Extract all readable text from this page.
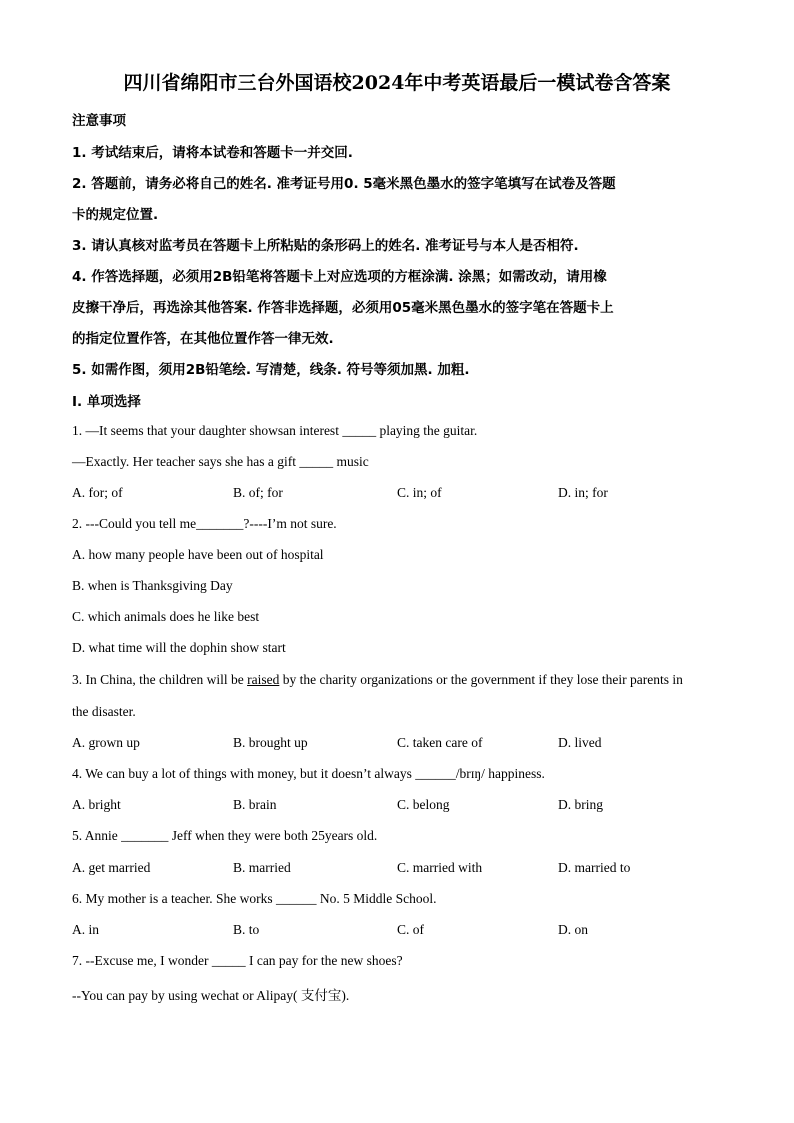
四川省绵阳市三台外国语校2024年中考英语最后一模试卷含答案
注意事项
1. 考试结束后，请将本试卷和答题卡一并交回.
2. 答题前，请务必将自己的姓名. 准考证号用0. 5毫米黑色墨水的签字笔填写在试卷及答题
卡的规定位置.
3. 请认真核对监考员在答题卡上所粘贴的条形码上的姓名. 准考证号与本人是否相符.
4. 作答选择题，必须用2B铅笔将答题卡上对应选项的方框涂满. 涂黑；如需改动，请用橡
皮擦干净后，再选涂其他答案. 作答非选择题，必须用05毫米黑色墨水的签字笔在答题卡上
的指定位置作答，在其他位置作答一律无效.
5. 如需作图，须用2B铅笔绘. 写清楚，线条. 符号等须加黑. 加粗.
Ⅰ. 单项选择
1. —It seems that your daughter showsan interest _____ playing the guitar.
—Exactly. Her teacher says she has a gift _____ music
A. for; of	B. of; for	C. in; of	D. in; for
2. ---Could you tell me_______?----I’m not sure.
A. how many people have been out of hospital
B. when is Thanksgiving Day
C. which animals does he like best
D. what time will the dophin show start
3. In China, the children will be raised by the charity organizations or the government if they lose their parents in
the disaster.
A. grown up	B. brought up	C. taken care of	D. lived
4. We can buy a lot of things with money, but it doesn’t always ______/brɪŋ/ happiness.
A. bright	B. brain	C. belong	D. bring
5. Annie _______ Jeff when they were both 25years old.
A. get married	B. married	C. married with	D. married to
6. My mother is a teacher. She works ______ No. 5 Middle School.
A. in	B. to	C. of	D. on
7. --Excuse me, I wonder _____ I can pay for the new shoes?
--You can pay by using wechat or Alipay( 支付宝).
